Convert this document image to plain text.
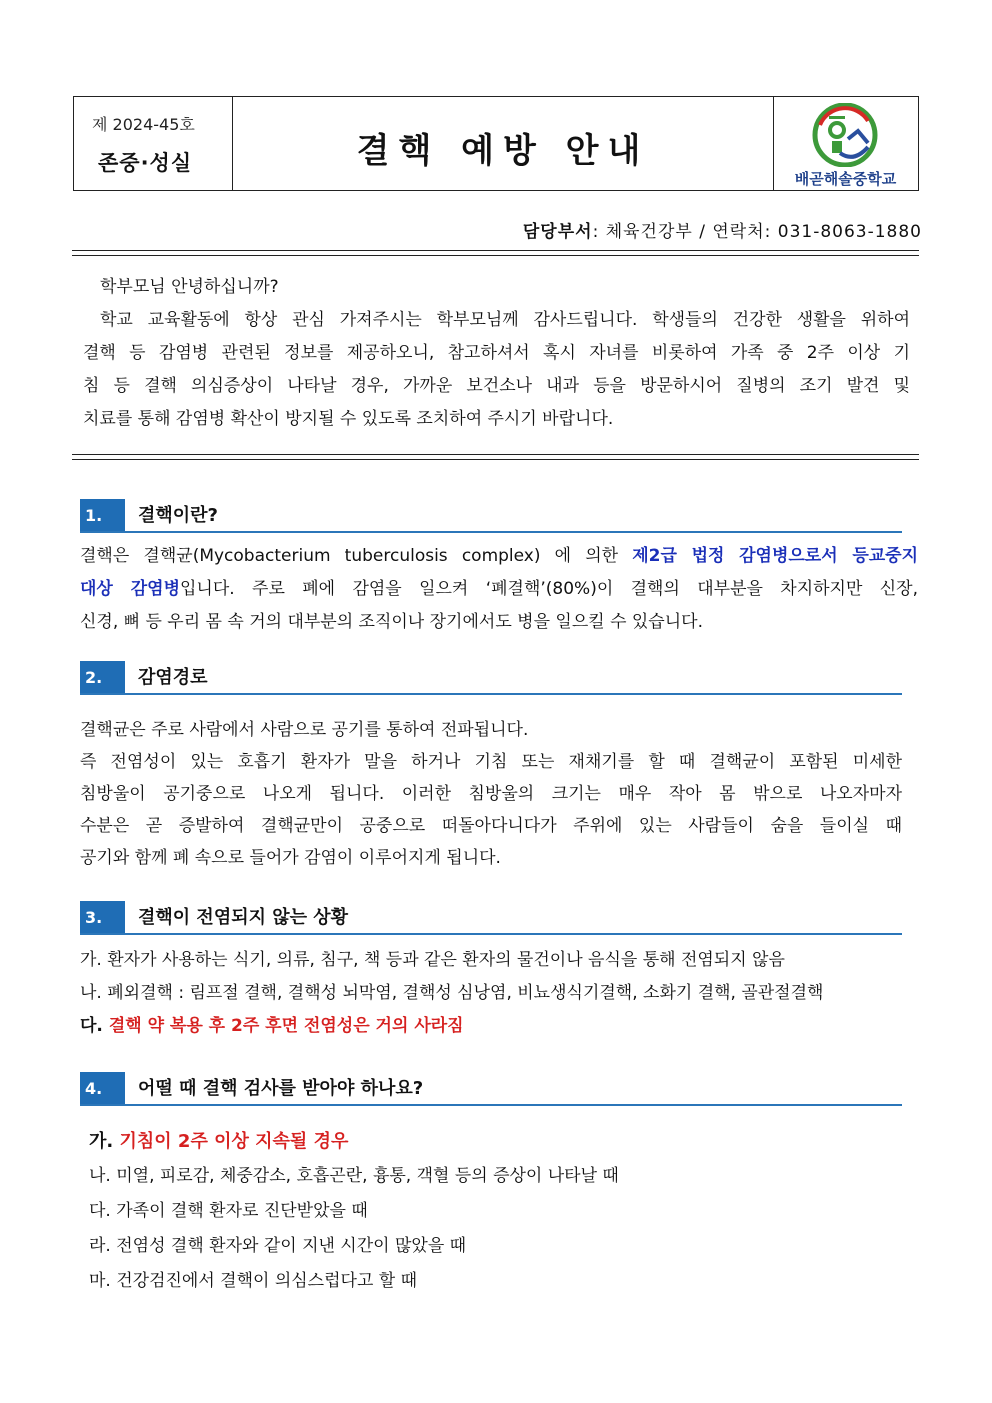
제 2024-45호
존중·성실	결핵 예방 안내
배곧해솔중학교
담당부서: 체육건강부 / 연락처: 031-8063-1880
학부모님 안녕하십니까?
학교 교육활동에 항상 관심 가져주시는 학부모님께 감사드립니다. 학생들의 건강한 생활을 위하여
결핵 등 감염병 관련된 정보를 제공하오니, 참고하셔서 혹시 자녀를 비롯하여 가족 중 2주 이상 기
침 등 결핵 의심증상이 나타날 경우, 가까운 보건소나 내과 등을 방문하시어 질병의 조기 발견 및
치료를 통해 감염병 확산이 방지될 수 있도록 조치하여 주시기 바랍니다.
1.	결핵이란?
결핵은 결핵균(Mycobacterium tuberculosis complex) 에 의한 제2급 법정 감염병으로서 등교중지
대상 감염병입니다. 주로 폐에 감염을 일으켜 ‘폐결핵’(80%)이 결핵의 대부분을 차지하지만 신장,
신경, 뼈 등 우리 몸 속 거의 대부분의 조직이나 장기에서도 병을 일으킬 수 있습니다.
2.	감염경로
결핵균은 주로 사람에서 사람으로 공기를 통하여 전파됩니다.
즉 전염성이 있는 호흡기 환자가 말을 하거나 기침 또는 재채기를 할 때 결핵균이 포함된 미세한
침방울이 공기중으로 나오게 됩니다. 이러한 침방울의 크기는 매우 작아 몸 밖으로 나오자마자
수분은 곧 증발하여 결핵균만이 공중으로 떠돌아다니다가 주위에 있는 사람들이 숨을 들이실 때
공기와 함께 폐 속으로 들어가 감염이 이루어지게 됩니다.
3.	결핵이 전염되지 않는 상황
가. 환자가 사용하는 식기, 의류, 침구, 책 등과 같은 환자의 물건이나 음식을 통해 전염되지 않음
나. 폐외결핵 : 림프절 결핵, 결핵성 뇌막염, 결핵성 심낭염, 비뇨생식기결핵, 소화기 결핵, 골관절결핵
다. 결핵 약 복용 후 2주 후면 전염성은 거의 사라짐
4.	어떨 때 결핵 검사를 받아야 하나요?
가. 기침이 2주 이상 지속될 경우
나. 미열, 피로감, 체중감소, 호흡곤란, 흉통, 객혈 등의 증상이 나타날 때
다. 가족이 결핵 환자로 진단받았을 때
라. 전염성 결핵 환자와 같이 지낸 시간이 많았을 때
마. 건강검진에서 결핵이 의심스럽다고 할 때
